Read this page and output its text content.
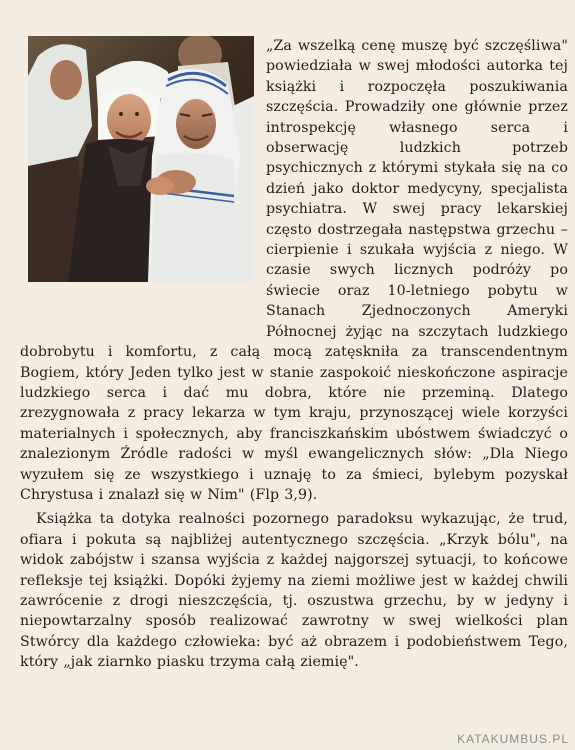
„Za wszelką cenę muszę być szczęśliwa" powiedziała w swej młodości autorka tej książki i rozpoczęła poszukiwania szczęścia. Prowadziły one głównie przez introspekcję własnego serca i obserwację ludzkich potrzeb psychicznych z którymi stykała się na co dzień jako doktor medycyny, specjalista psychiatra. W swej pracy lekarskiej często dostrzegała następstwa grzechu – cierpienie i szukała wyjścia z niego. W czasie swych licznych podróży po świecie oraz 10-letniego pobytu w Stanach Zjednoczonych Ameryki Północnej żyjąc na szczytach ludzkiego dobrobytu i komfortu, z całą mocą zatęskniła za transcendentnym Bogiem, który Jeden tylko jest w stanie zaspokoić nieskończone aspiracje ludzkiego serca i dać mu dobra, które nie przeminą. Dlatego zrezygnowała z pracy lekarza w tym kraju, przynoszącej wiele korzyści materialnych i społecznych, aby franciszkańskim ubóstwem świadczyć o znalezionym Źródle radości w myśl ewangelicznych słów: „Dla Niego wyzułem się ze wszystkiego i uznaję to za śmieci, bylebym pozyskał Chrystusa i znalazł się w Nim" (Flp 3,9).

Książka ta dotyka realności pozornego paradoksu wykazując, że trud, ofiara i pokuta są najbliżej autentycznego szczęścia. „Krzyk bólu", na widok zabójstw i szansa wyjścia z każdej najgorszej sytuacji, to końcowe refleksje tej książki. Dopóki żyjemy na ziemi możliwe jest w każdej chwili zawrócenie z drogi nieszczęścia, tj. oszustwa grzechu, by w jedyny i niepowtarzalny sposób realizować zawrotny w swej wielkości plan Stwórcy dla każdego człowieka: być aż obrazem i podobieństwem Tego, który „jak ziarnko piasku trzyma całą ziemię".

KATAKUMBUS.PL
